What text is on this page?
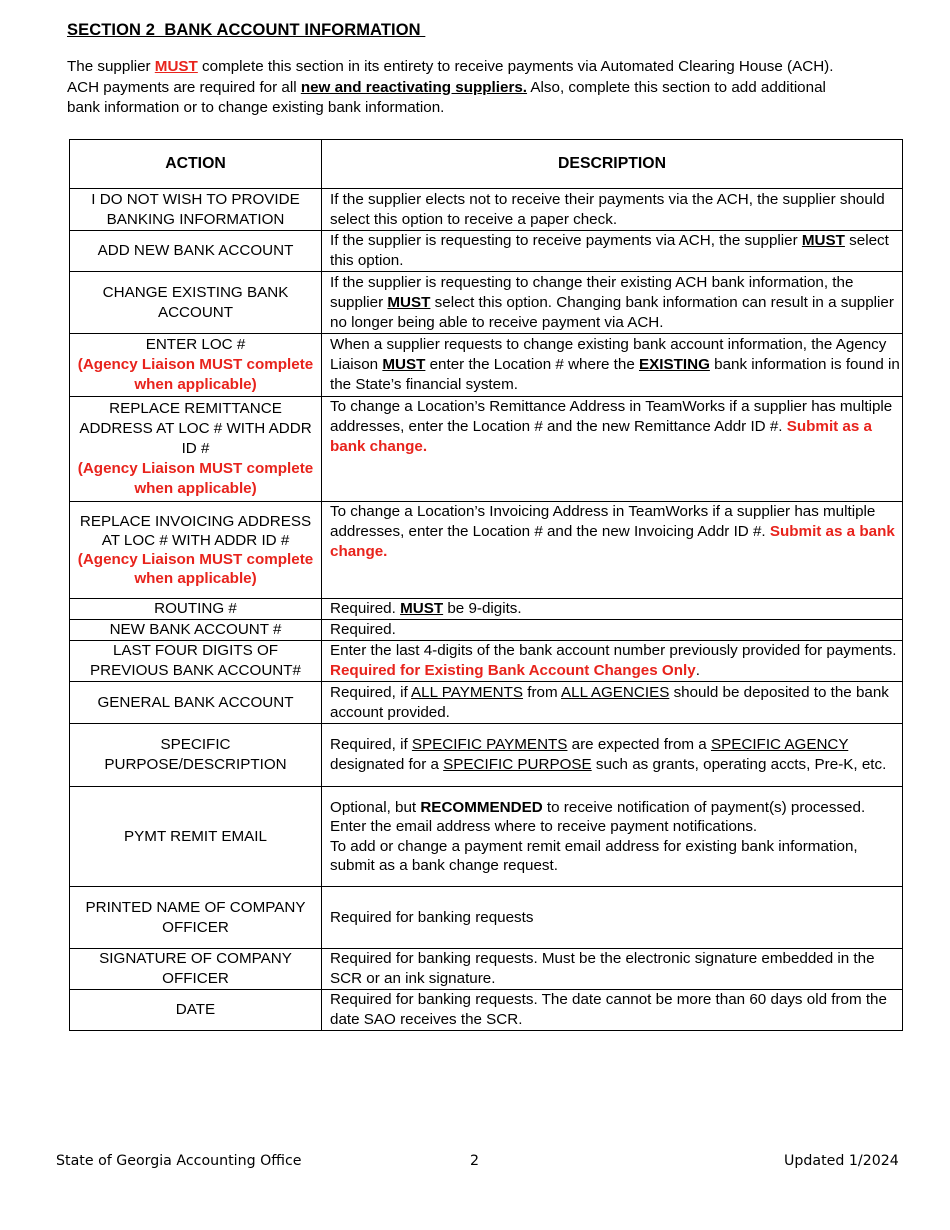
SECTION 2  BANK ACCOUNT INFORMATION
The supplier MUST complete this section in its entirety to receive payments via Automated Clearing House (ACH). ACH payments are required for all new and reactivating suppliers. Also, complete this section to add additional bank information or to change existing bank information.
ACTION	DESCRIPTION
I DO NOT WISH TO PROVIDE BANKING INFORMATION	If the supplier elects not to receive their payments via the ACH, the supplier should select this option to receive a paper check.
ADD NEW BANK ACCOUNT	If the supplier is requesting to receive payments via ACH, the supplier MUST select this option.
CHANGE EXISTING BANK ACCOUNT	If the supplier is requesting to change their existing ACH bank information, the supplier MUST select this option. Changing bank information can result in a supplier no longer being able to receive payment via ACH.
ENTER LOC #
(Agency Liaison MUST complete when applicable)	When a supplier requests to change existing bank account information, the Agency Liaison MUST enter the Location # where the EXISTING bank information is found in the State’s financial system.
REPLACE REMITTANCE ADDRESS AT LOC # WITH ADDR ID #
(Agency Liaison MUST complete when applicable)	To change a Location’s Remittance Address in TeamWorks if a supplier has multiple addresses, enter the Location # and the new Remittance Addr ID #. Submit as a bank change.
REPLACE INVOICING ADDRESS AT LOC # WITH ADDR ID #
(Agency Liaison MUST complete when applicable)	To change a Location’s Invoicing Address in TeamWorks if a supplier has multiple addresses, enter the Location # and the new Invoicing Addr ID #. Submit as a bank change.
ROUTING #	Required. MUST be 9-digits.
NEW BANK ACCOUNT #	Required.
LAST FOUR DIGITS OF PREVIOUS BANK ACCOUNT#	Enter the last 4-digits of the bank account number previously provided for payments. Required for Existing Bank Account Changes Only.
GENERAL BANK ACCOUNT	Required, if ALL PAYMENTS from ALL AGENCIES should be deposited to the bank account provided.
SPECIFIC PURPOSE/DESCRIPTION	Required, if SPECIFIC PAYMENTS are expected from a SPECIFIC AGENCY designated for a SPECIFIC PURPOSE such as grants, operating accts, Pre-K, etc.
PYMT REMIT EMAIL	Optional, but RECOMMENDED to receive notification of payment(s) processed.
Enter the email address where to receive payment notifications.
To add or change a payment remit email address for existing bank information, submit as a bank change request.
PRINTED NAME OF COMPANY
OFFICER	Required for banking requests
SIGNATURE OF COMPANY OFFICER	Required for banking requests. Must be the electronic signature embedded in the SCR or an ink signature.
DATE	Required for banking requests. The date cannot be more than 60 days old from the date SAO receives the SCR.
State of Georgia Accounting Office	2	Updated 1/2024
